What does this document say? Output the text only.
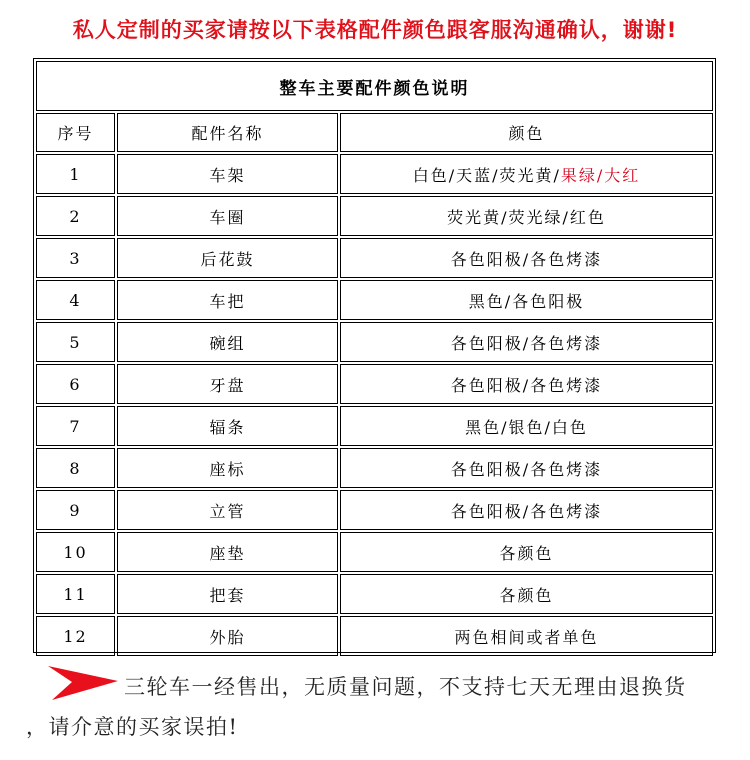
私人定制的买家请按以下表格配件颜色跟客服沟通确认，谢谢!
整车主要配件颜色说明		
序号	配件名称	颜色
1	车架	白色/天蓝/荧光黄/果绿/大红
2	车圈	荧光黄/荧光绿/红色
3	后花鼓	各色阳极/各色烤漆
4	车把	黑色/各色阳极
5	碗组	各色阳极/各色烤漆
6	牙盘	各色阳极/各色烤漆
7	辐条	黑色/银色/白色
8	座标	各色阳极/各色烤漆
9	立管	各色阳极/各色烤漆
10	座垫	各颜色
11	把套	各颜色
12	外胎	两色相间或者单色
三轮车一经售出，无质量问题，不支持七天无理由退换货
，请介意的买家误拍!
